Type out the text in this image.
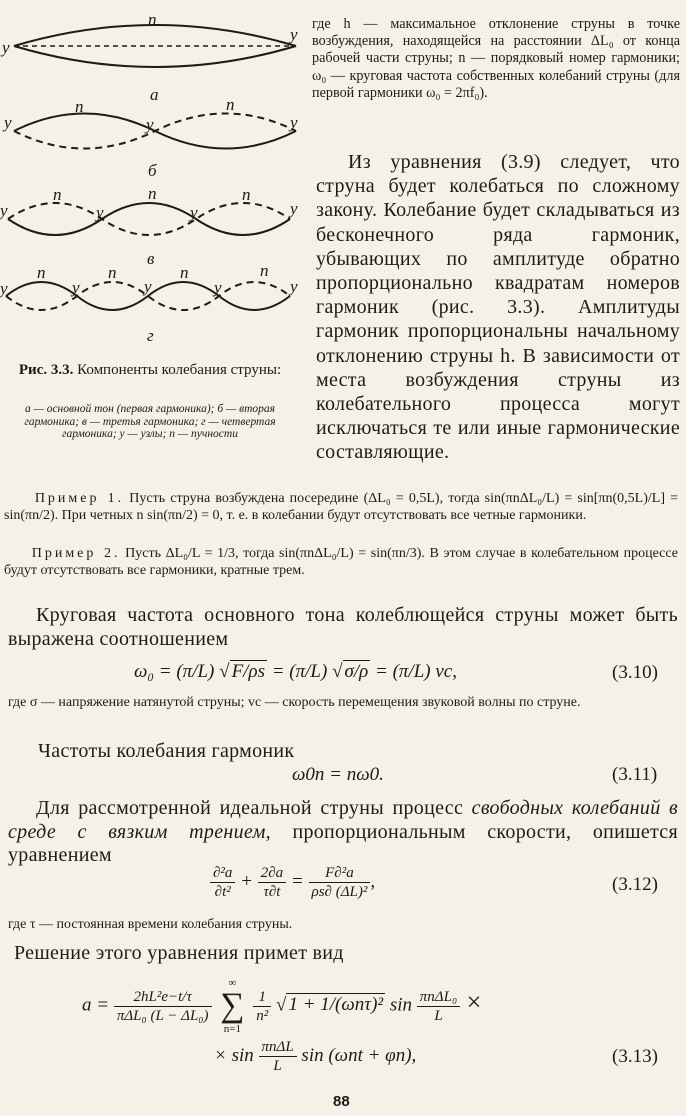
у
у
п
а
у	у	у
п	п
б
у	у	у	у
п	п	п
в
у	у	у	у	у
п	п	п	п
г
Рис. 3.3. Компоненты колебания струны:
а — основной тон (первая гармоника); б — вторая гармоника; в — третья гармоника; г — четвертая гармоника; у — узлы; п — пучности
где h — максимальное отклонение струны в точке возбуждения, находящейся на расстоянии ΔL₀ от конца рабочей части струны; n — порядковый номер гармоники; ω₀ — круговая частота собственных колебаний струны (для первой гармоники ω₀ = 2πf₀).
Из уравнения (3.9) следует, что струна будет колебаться по сложному закону. Колебание будет складываться из бесконечного ряда гармоник, убывающих по амплитуде обратно пропорционально квадратам номеров гармоник (рис. 3.3). Амплитуды гармоник пропорциональны начальному отклонению струны h. В зависимости от места возбуждения струны из колебательного процесса могут исключаться те или иные гармонические составляющие.
Пример 1. Пусть струна возбуждена посередине (ΔL₀ = 0,5L), тогда sin(πnΔL₀/L) = sin[πn(0,5L)/L] = sin(πn/2). При четных n sin(πn/2) = 0, т. е. в колебании будут отсутствовать все четные гармоники.
Пример 2. Пусть ΔL₀/L = 1/3, тогда sin(πnΔL₀/L) = sin(πn/3). В этом случае в колебательном процессе будут отсутствовать все гармоники, кратные трем.
Круговая частота основного тона колеблющейся струны может быть выражена соотношением
ω₀ = (π/L) √ F/ρs = (π/L) √ σ/ρ = (π/L) vc,	(3.10)
где σ — напряжение натянутой струны; vc — скорость перемещения звуковой волны по струне.
Частоты колебания гармоник
ω0n = nω0.	(3.11)
Для рассмотренной идеальной струны процесс свободных колебаний в среде с вязким трением, пропорциональным скорости, опишется уравнением
$\frac{\text{∂²a}}{\text{∂t²}} + \frac{2\partial a}{\tau\partial t} = \frac{\text{F∂²a}}{\text{ρs∂ (ΔL)²}}$ ,	(3.12)
где τ — постоянная времени колебания струны.
Решение этого уравнения примет вид
$a = \frac{\text{2hL²e−t/τ}}{\text{πΔL₀ (L − ΔL₀)}}$

∞
∑
n=1

$\frac{1}{\text{n²}}$ √ 1 + 1/(ωnτ)² $\sin \frac{\text{πnΔL₀}}{L}$ ×
× $\sin \frac{\text{πnΔL}}{L}$ sin (ωnt + φn),	(3.13)
88
